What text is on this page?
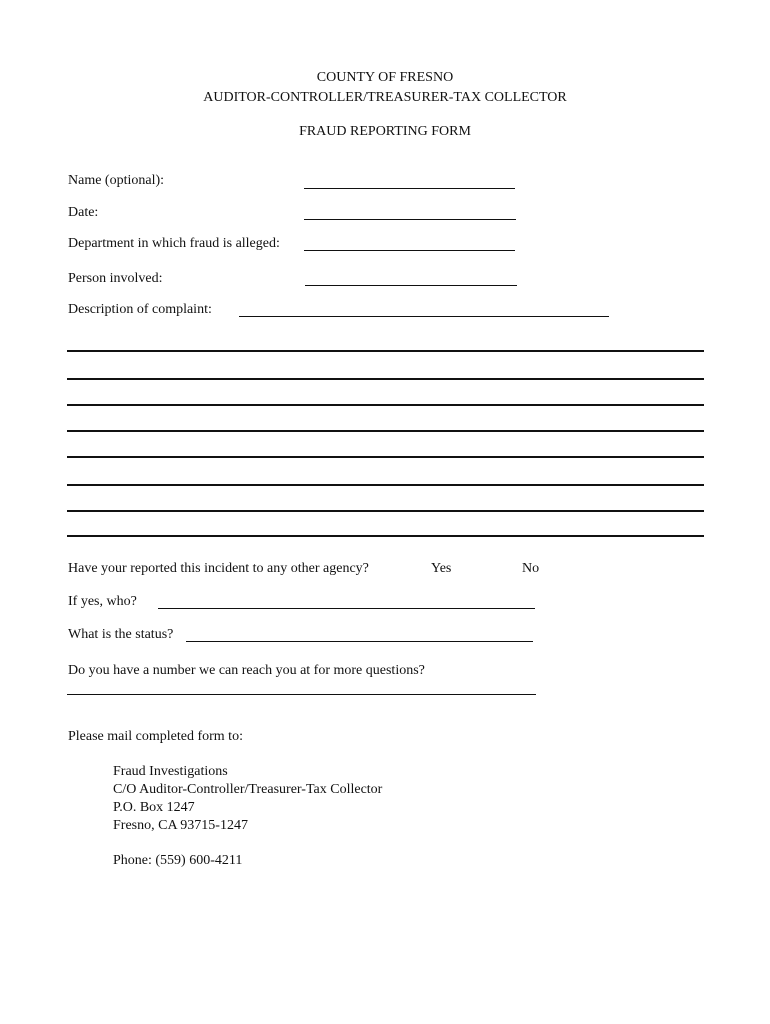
COUNTY OF FRESNO
AUDITOR-CONTROLLER/TREASURER-TAX COLLECTOR
FRAUD REPORTING FORM
Name (optional):
Date:
Department in which fraud is alleged:
Person involved:
Description of complaint:
Have your reported this incident to any other agency?	Yes	No
If yes, who?
What is the status?
Do you have a number we can reach you at for more questions?
Please mail completed form to:
Fraud Investigations
C/O Auditor-Controller/Treasurer-Tax Collector
P.O. Box 1247
Fresno, CA 93715-1247
Phone: (559) 600-4211
